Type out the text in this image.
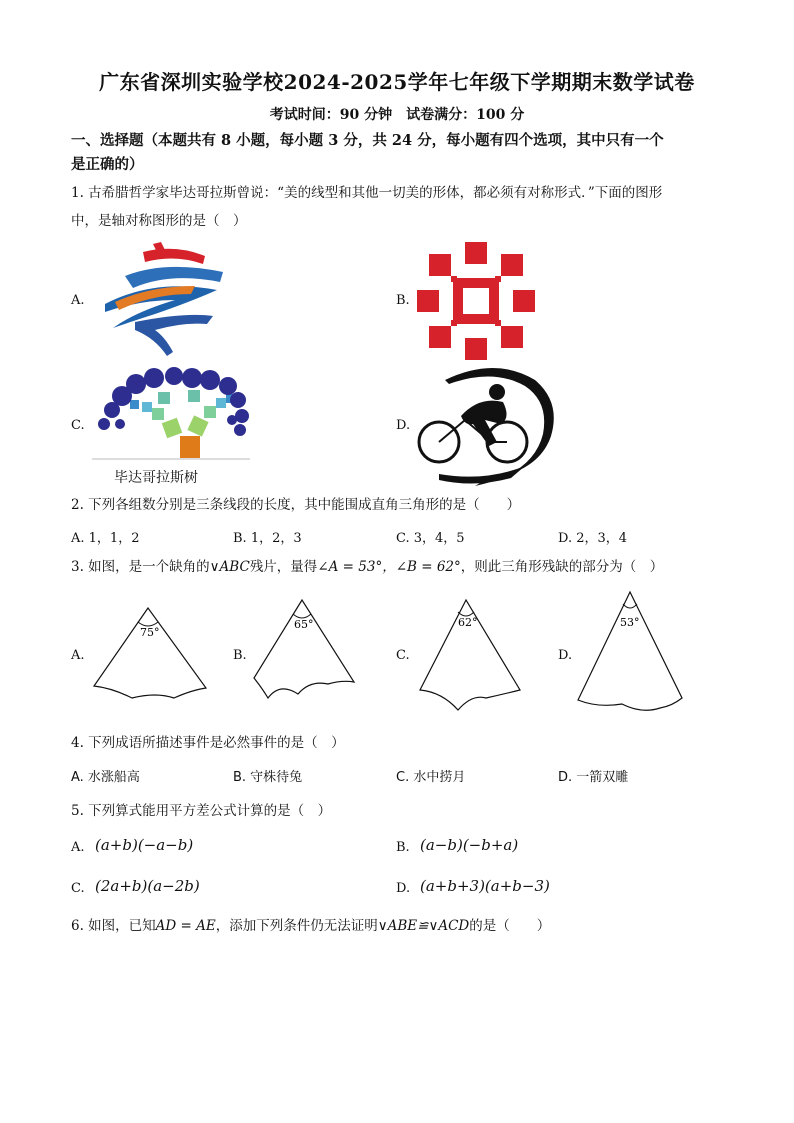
广东省深圳实验学校2024-2025学年七年级下学期期末数学试卷
考试时间：90 分钟　试卷满分：100 分
一、选择题（本题共有 8 小题，每小题 3 分，共 24 分，每小题有四个选项，其中只有一个
是正确的）
1. 古希腊哲学家毕达哥拉斯曾说：“美的线型和其他一切美的形体，都必须有对称形式．”下面的图形
中，是轴对称图形的是（　）
A.	B.
C.	D.
毕达哥拉斯树
2. 下列各组数分别是三条线段的长度，其中能围成直角三角形的是（　　）
A. 1，1，2	B. 1，2，3	C. 3，4，5	D. 2，3，4
3. 如图，是一个缺角的∨ABC残片，量得∠A = 53°，∠B = 62°，则此三角形残缺的部分为（　）
A.	B.	C.	D.
75°
65°	62°	53°
4. 下列成语所描述事件是必然事件的是（　）
A. 水涨船高	B. 守株待兔	C. 水中捞月	D. 一箭双雕
5. 下列算式能用平方差公式计算的是（　）
A. (a+b)(−a−b)	B. (a−b)(−b+a)
C. (2a+b)(a−2b)	D. (a+b+3)(a+b−3)
6. 如图，已知AD = AE，添加下列条件仍无法证明∨ABE≌∨ACD的是（　　）
